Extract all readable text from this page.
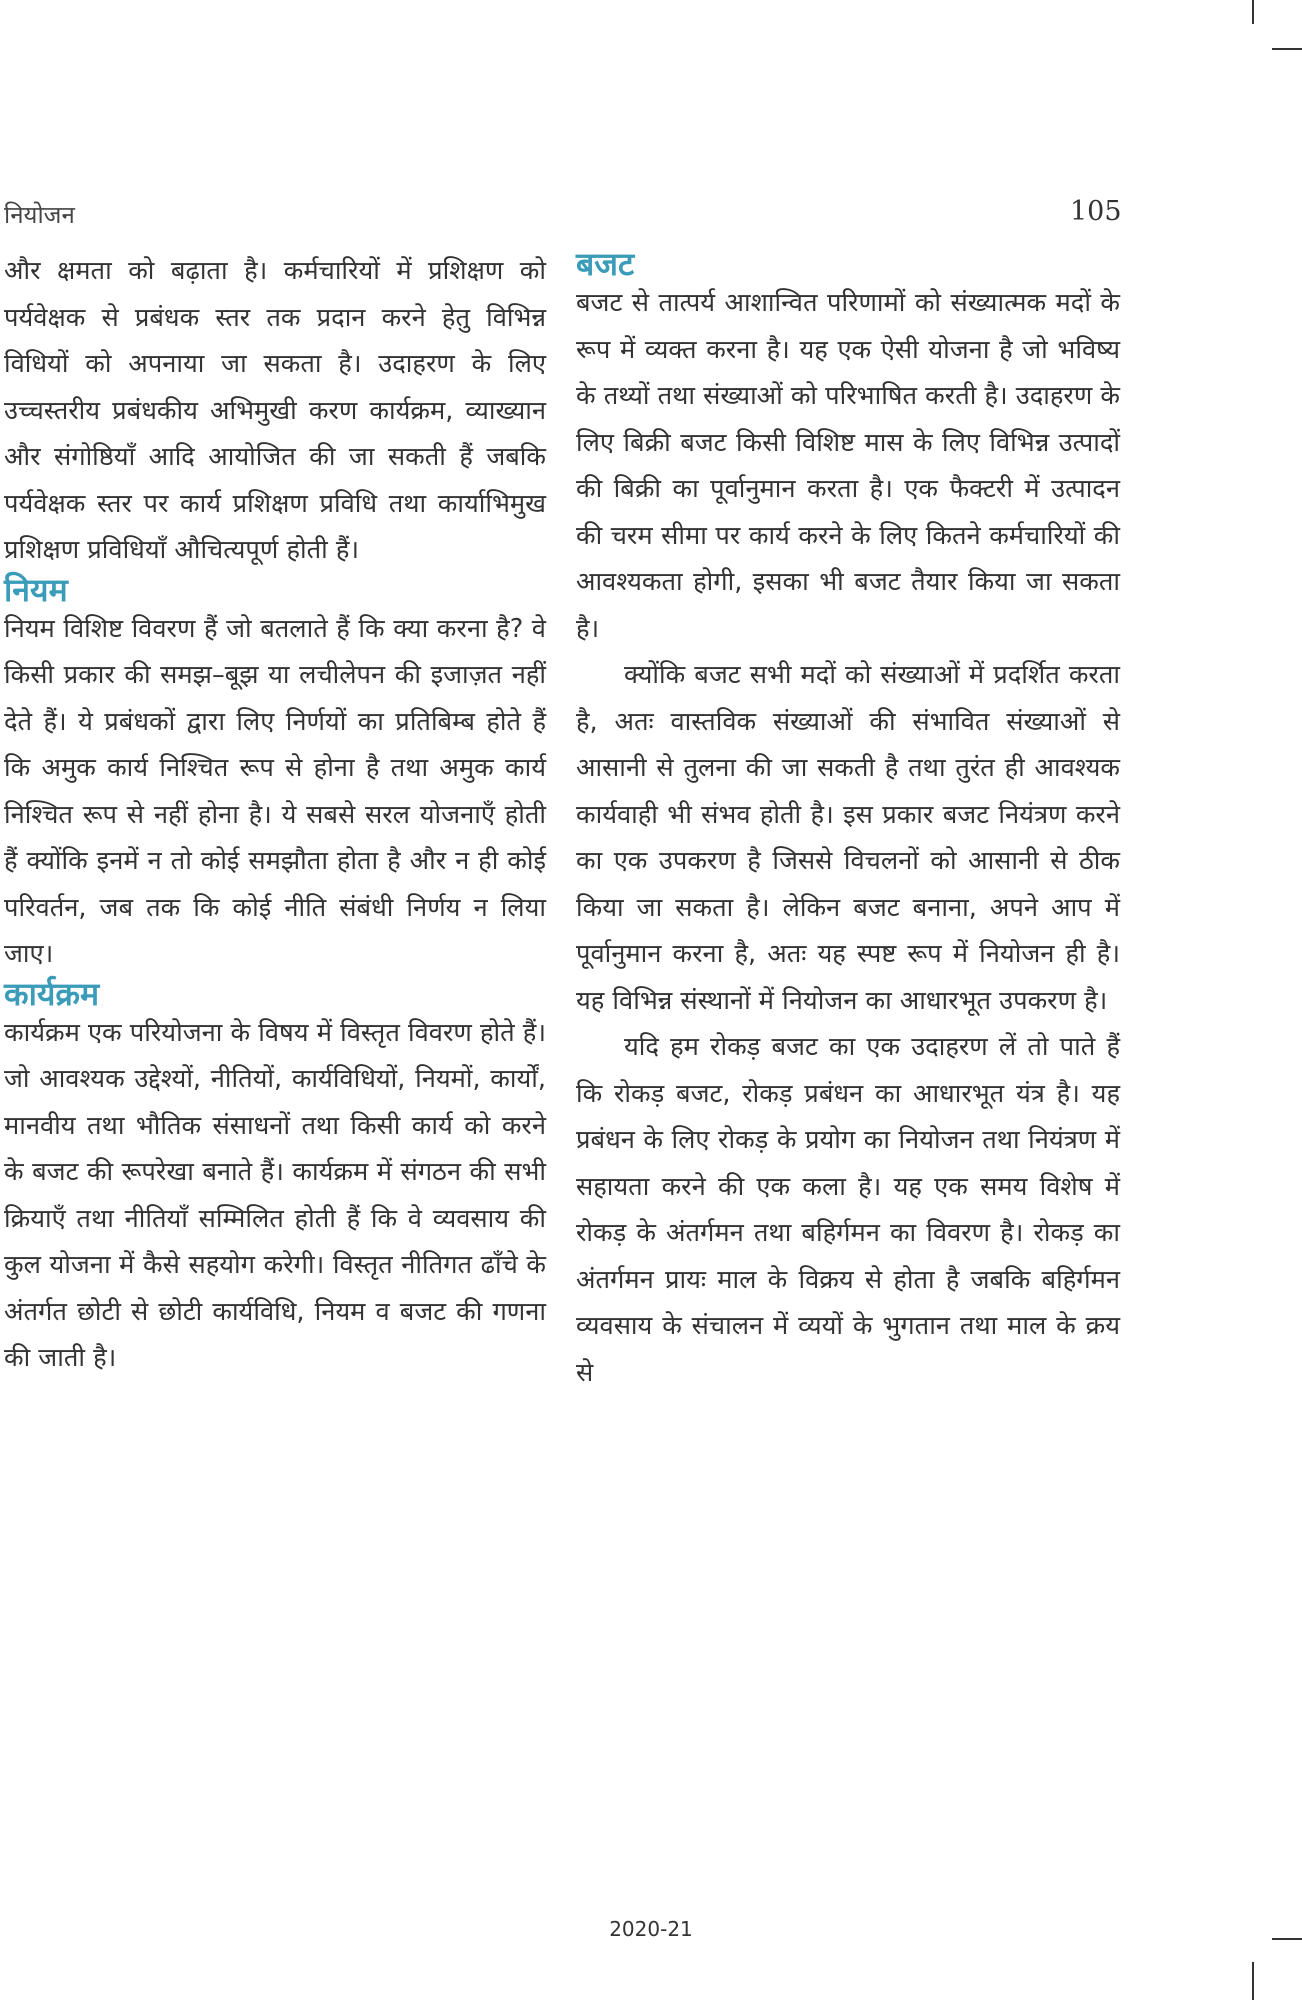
नियोजन	105

और क्षमता को बढ़ाता है। कर्मचारियों में प्रशिक्षण को पर्यवेक्षक से प्रबंधक स्तर तक प्रदान करने हेतु विभिन्न विधियों को अपनाया जा सकता है। उदाहरण के लिए उच्चस्तरीय प्रबंधकीय अभिमुखी करण कार्यक्रम, व्याख्यान और संगोष्ठियाँ आदि आयोजित की जा सकती हैं जबकि पर्यवेक्षक स्तर पर कार्य प्रशिक्षण प्रविधि तथा कार्याभिमुख प्रशिक्षण प्रविधियाँ औचित्यपूर्ण होती हैं।

नियम

नियम विशिष्ट विवरण हैं जो बतलाते हैं कि क्या करना है? वे किसी प्रकार की समझ–बूझ या लचीलेपन की इजाज़त नहीं देते हैं। ये प्रबंधकों द्वारा लिए निर्णयों का प्रतिबिम्ब होते हैं कि अमुक कार्य निश्चित रूप से होना है तथा अमुक कार्य निश्चित रूप से नहीं होना है। ये सबसे सरल योजनाएँ होती हैं क्योंकि इनमें न तो कोई समझौता होता है और न ही कोई परिवर्तन, जब तक कि कोई नीति संबंधी निर्णय न लिया जाए।

कार्यक्रम

कार्यक्रम एक परियोजना के विषय में विस्तृत विवरण होते हैं। जो आवश्यक उद्देश्यों, नीतियों, कार्यविधियों, नियमों, कार्यों, मानवीय तथा भौतिक संसाधनों तथा किसी कार्य को करने के बजट की रूपरेखा बनाते हैं। कार्यक्रम में संगठन की सभी क्रियाएँ तथा नीतियाँ सम्मिलित होती हैं कि वे व्यवसाय की कुल योजना में कैसे सहयोग करेगी। विस्तृत नीतिगत ढाँचे के अंतर्गत छोटी से छोटी कार्यविधि, नियम व बजट की गणना की जाती है।

बजट

बजट से तात्पर्य आशान्वित परिणामों को संख्यात्मक मदों के रूप में व्यक्त करना है। यह एक ऐसी योजना है जो भविष्य के तथ्यों तथा संख्याओं को परिभाषित करती है। उदाहरण के लिए बिक्री बजट किसी विशिष्ट मास के लिए विभिन्न उत्पादों की बिक्री का पूर्वानुमान करता है। एक फैक्टरी में उत्पादन की चरम सीमा पर कार्य करने के लिए कितने कर्मचारियों की आवश्यकता होगी, इसका भी बजट तैयार किया जा सकता है।

क्योंकि बजट सभी मदों को संख्याओं में प्रदर्शित करता है, अतः वास्तविक संख्याओं की संभावित संख्याओं से आसानी से तुलना की जा सकती है तथा तुरंत ही आवश्यक कार्यवाही भी संभव होती है। इस प्रकार बजट नियंत्रण करने का एक उपकरण है जिससे विचलनों को आसानी से ठीक किया जा सकता है। लेकिन बजट बनाना, अपने आप में पूर्वानुमान करना है, अतः यह स्पष्ट रूप में नियोजन ही है। यह विभिन्न संस्थानों में नियोजन का आधारभूत उपकरण है।

यदि हम रोकड़ बजट का एक उदाहरण लें तो पाते हैं कि रोकड़ बजट, रोकड़ प्रबंधन का आधारभूत यंत्र है। यह प्रबंधन के लिए रोकड़ के प्रयोग का नियोजन तथा नियंत्रण में सहायता करने की एक कला है। यह एक समय विशेष में रोकड़ के अंतर्गमन तथा बहिर्गमन का विवरण है। रोकड़ का अंतर्गमन प्रायः माल के विक्रय से होता है जबकि बहिर्गमन व्यवसाय के संचालन में व्ययों के भुगतान तथा माल के क्रय से

2020-21
